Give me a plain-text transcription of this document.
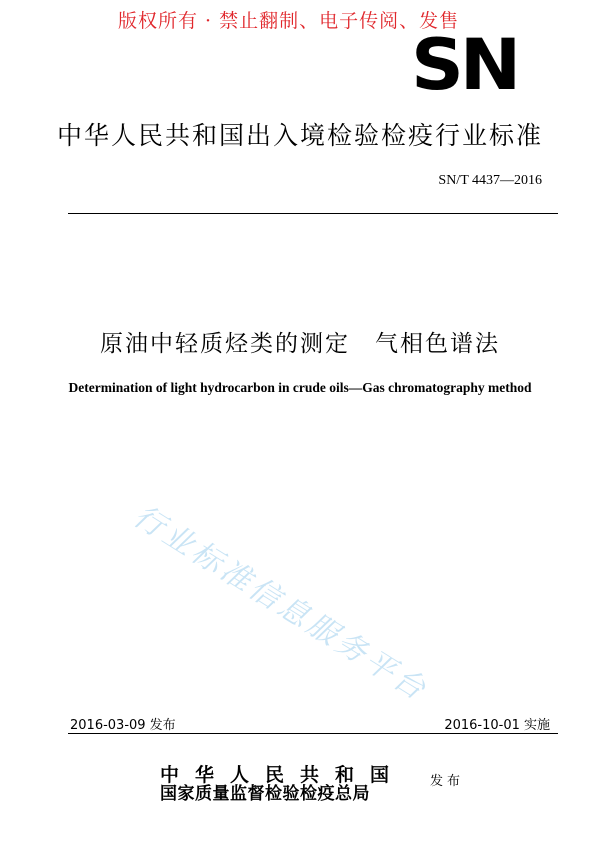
版权所有 · 禁止翻制、电子传阅、发售
SN
中华人民共和国出入境检验检疫行业标准
SN/T 4437—2016
原油中轻质烃类的测定　气相色谱法
Determination of light hydrocarbon in crude oils—Gas chromatography method
行业标准信息服务平台
2016-03-09 发布	2016-10-01 实施
中华人民共和国
国家质量监督检验检疫总局
发布
